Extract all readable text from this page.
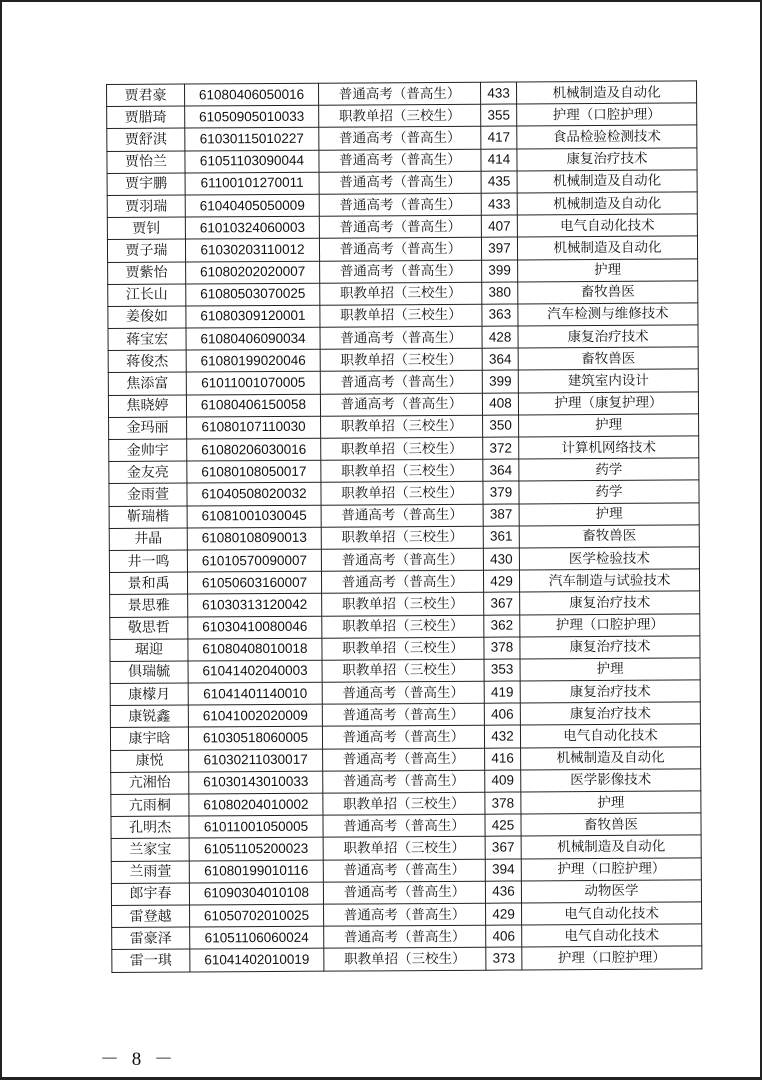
贾君豪	61080406050016	普通高考（普高生）	433	机械制造及自动化
贾腊琦	61050905010033	职教单招（三校生）	355	护理（口腔护理）
贾舒淇	61030115010227	普通高考（普高生）	417	食品检验检测技术
贾怡兰	61051103090044	普通高考（普高生）	414	康复治疗技术
贾宇鹏	61100101270011	普通高考（普高生）	435	机械制造及自动化
贾羽瑞	61040405050009	普通高考（普高生）	433	机械制造及自动化
贾钊	61010324060003	普通高考（普高生）	407	电气自动化技术
贾子瑞	61030203110012	普通高考（普高生）	397	机械制造及自动化
贾紫怡	61080202020007	普通高考（普高生）	399	护理
江长山	61080503070025	职教单招（三校生）	380	畜牧兽医
姜俊如	61080309120001	职教单招（三校生）	363	汽车检测与维修技术
蒋宝宏	61080406090034	普通高考（普高生）	428	康复治疗技术
蒋俊杰	61080199020046	职教单招（三校生）	364	畜牧兽医
焦添富	61011001070005	普通高考（普高生）	399	建筑室内设计
焦晓婷	61080406150058	普通高考（普高生）	408	护理（康复护理）
金玛丽	61080107110030	职教单招（三校生）	350	护理
金帅宇	61080206030016	职教单招（三校生）	372	计算机网络技术
金友亮	61080108050017	职教单招（三校生）	364	药学
金雨萱	61040508020032	职教单招（三校生）	379	药学
靳瑞楷	61081001030045	普通高考（普高生）	387	护理
井晶	61080108090013	职教单招（三校生）	361	畜牧兽医
井一鸣	61010570090007	普通高考（普高生）	430	医学检验技术
景和禹	61050603160007	普通高考（普高生）	429	汽车制造与试验技术
景思雅	61030313120042	职教单招（三校生）	367	康复治疗技术
敬思哲	61030410080046	职教单招（三校生）	362	护理（口腔护理）
琚迎	61080408010018	职教单招（三校生）	378	康复治疗技术
俱瑞毓	61041402040003	职教单招（三校生）	353	护理
康檬月	61041401140010	普通高考（普高生）	419	康复治疗技术
康锐鑫	61041002020009	普通高考（普高生）	406	康复治疗技术
康宇晗	61030518060005	普通高考（普高生）	432	电气自动化技术
康悦	61030211030017	普通高考（普高生）	416	机械制造及自动化
亢湘怡	61030143010033	普通高考（普高生）	409	医学影像技术
亢雨桐	61080204010002	职教单招（三校生）	378	护理
孔明杰	61011001050005	普通高考（普高生）	425	畜牧兽医
兰家宝	61051105200023	职教单招（三校生）	367	机械制造及自动化
兰雨萱	61080199010116	普通高考（普高生）	394	护理（口腔护理）
郎宇春	61090304010108	普通高考（普高生）	436	动物医学
雷登越	61050702010025	普通高考（普高生）	429	电气自动化技术
雷豪泽	61051106060024	普通高考（普高生）	406	电气自动化技术
雷一琪	61041402010019	职教单招（三校生）	373	护理（口腔护理）
－ 8 －
